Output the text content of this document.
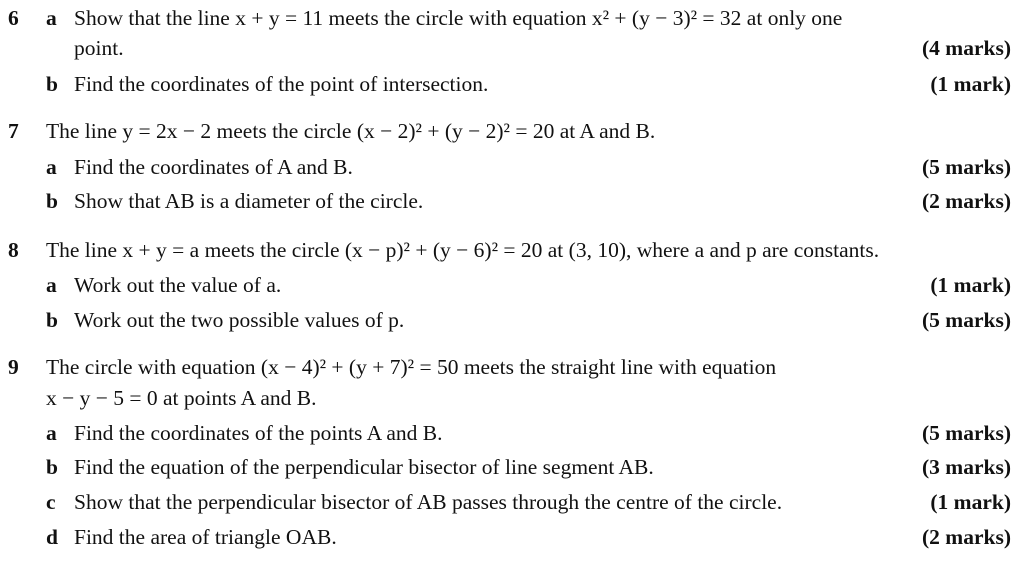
6 a Show that the line x + y = 11 meets the circle with equation x² + (y − 3)² = 32 at only one
point.	(4 marks)
b Find the coordinates of the point of intersection.	(1 mark)
7 The line y = 2x − 2 meets the circle (x − 2)² + (y − 2)² = 20 at A and B.
a Find the coordinates of A and B.	(5 marks)
b Show that AB is a diameter of the circle.	(2 marks)
8 The line x + y = a meets the circle (x − p)² + (y − 6)² = 20 at (3, 10), where a and p are constants.
a Work out the value of a.	(1 mark)
b Work out the two possible values of p.	(5 marks)
9 The circle with equation (x − 4)² + (y + 7)² = 50 meets the straight line with equation
x − y − 5 = 0 at points A and B.
a Find the coordinates of the points A and B.	(5 marks)
b Find the equation of the perpendicular bisector of line segment AB.	(3 marks)
c Show that the perpendicular bisector of AB passes through the centre of the circle.	(1 mark)
d Find the area of triangle OAB.	(2 marks)
